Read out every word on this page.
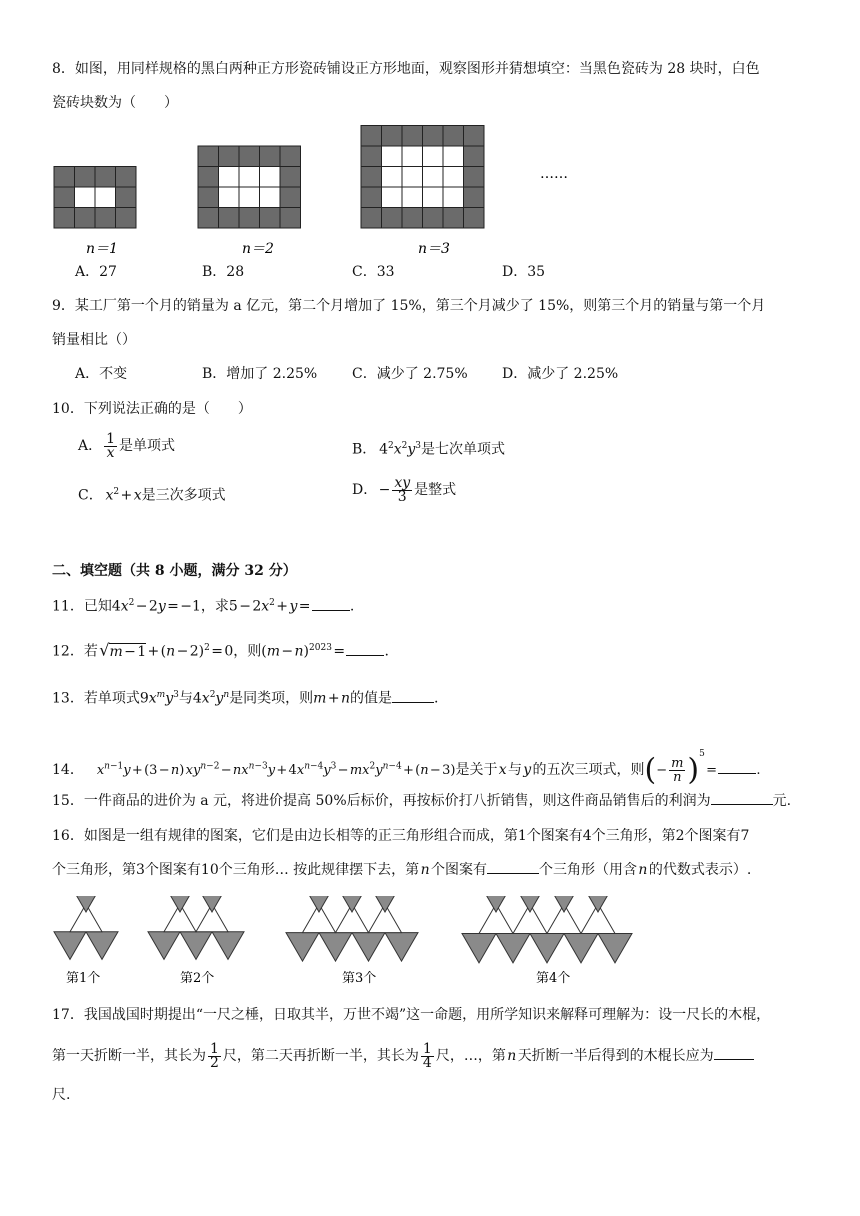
8．如图，用同样规格的黑白两种正方形瓷砖铺设正方形地面，观察图形并猜想填空：当黑色瓷砖为 28 块时，白色
瓷砖块数为（　　）
n＝1	n＝2	n＝3
……
A．27	B．28	C．33	D．35
9．某工厂第一个月的销量为 a 亿元，第二个月增加了 15%，第三个月减少了 15%，则第三个月的销量与第一个月
销量相比（）
A．不变	B．增加了 2.25% C．减少了 2.75% D．减少了 2.25%
10．下列说法正确的是（　　）
A． $\frac{1}{x}$ 是单项式	B． $4^2x^2y^3$是七次单项式
C．  $x^2$ + x是三次多项式	D． − $\frac{xy}{3}$ 是整式
二、填空题（共 8 小题，满分 32 分）
11．已知$4x^2$ − 2y = −1，求5 − $2x^2$ + y = 	.
12．若 √m − 1 + (n − 2)$^2$ = 0，则(m − n)$^{2023}$ = 	.
13．若单项式$9x^my^3$与$4x^2y^n$是同类项，则m + n的值是	.
14．  $x^{n-1}y$ + (3 − n) $xy^{n-2}$ − $nx^{n-3}y$ + $4x^{n-4}y^3$ − $mx^2y^{n-4}$ + (n − 3)是关于 x 与 y 的五次三项式，则(− $\frac{m}{n} )^5$ = 	.
15．一件商品的进价为 a 元，将进价提高 50%后标价，再按标价打八折销售，则这件商品销售后的利润为	元.
16．如图是一组有规律的图案，它们是由边长相等的正三角形组合而成，第1个图案有4个三角形，第2个图案有7
个三角形，第3个图案有10个三角形… 按此规律摆下去，第 n 个图案有	个三角形（用含 n 的代数式表示）.
第1个	第2个	第3个	第4个
17．我国战国时期提出“一尺之棰，日取其半，万世不竭”这一命题，用所学知识来解释可理解为：设一尺长的木棍，
第一天折断一半，其长为 $\frac{1}{2}$ 尺，第二天再折断一半，其长为 $\frac{1}{4}$ 尺，…，第 n 天折断一半后得到的木棍长应为
尺.
